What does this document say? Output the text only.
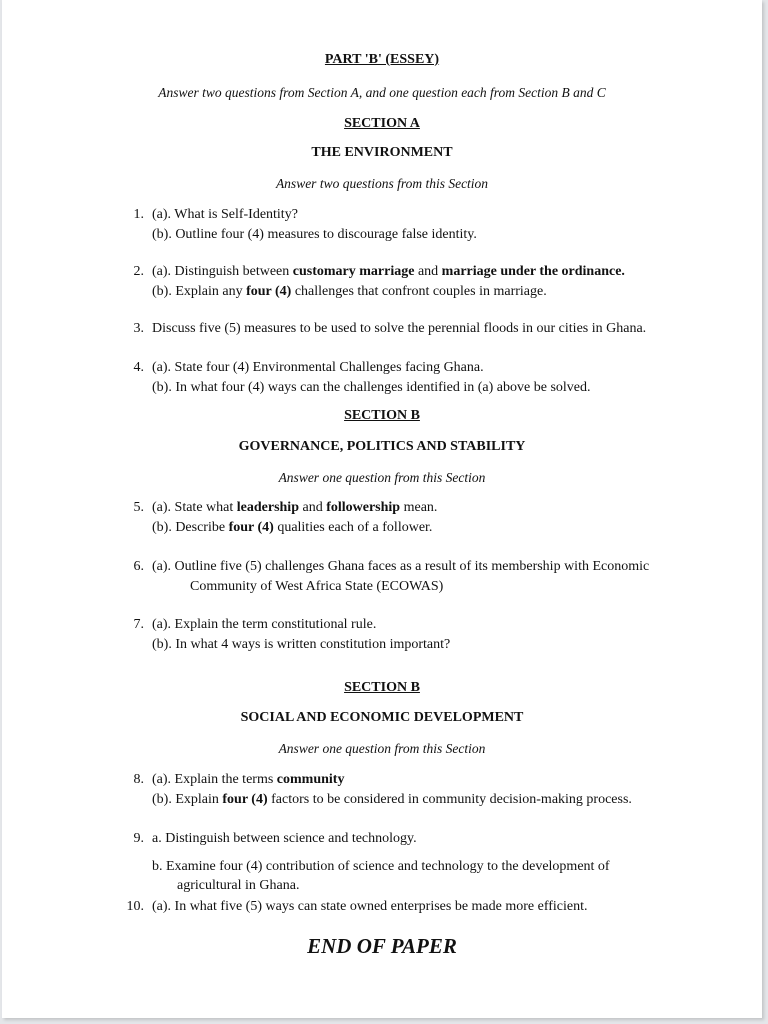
PART 'B' (ESSEY)
Answer two questions from Section A, and one question each from Section B and C
SECTION A
THE ENVIRONMENT
Answer two questions from this Section
1. (a). What is Self-Identity?
(b). Outline four (4) measures to discourage false identity.
2. (a). Distinguish between customary marriage and marriage under the ordinance.
(b). Explain any four (4) challenges that confront couples in marriage.
3. Discuss five (5) measures to be used to solve the perennial floods in our cities in Ghana.
4. (a). State four (4) Environmental Challenges facing Ghana.
(b). In what four (4) ways can the challenges identified in (a) above be solved.
SECTION B
GOVERNANCE, POLITICS AND STABILITY
Answer one question from this Section
5. (a). State what leadership and followership mean.
(b). Describe four (4) qualities each of a follower.
6. (a). Outline five (5) challenges Ghana faces as a result of its membership with Economic
Community of West Africa State (ECOWAS)
7. (a). Explain the term constitutional rule.
(b). In what 4 ways is written constitution important?
SECTION B
SOCIAL AND ECONOMIC DEVELOPMENT
Answer one question from this Section
8. (a). Explain the terms community
(b). Explain four (4) factors to be considered in community decision-making process.
9. a. Distinguish between science and technology.
b. Examine four (4) contribution of science and technology to the development of
agricultural in Ghana.
10. (a). In what five (5) ways can state owned enterprises be made more efficient.
END OF PAPER
